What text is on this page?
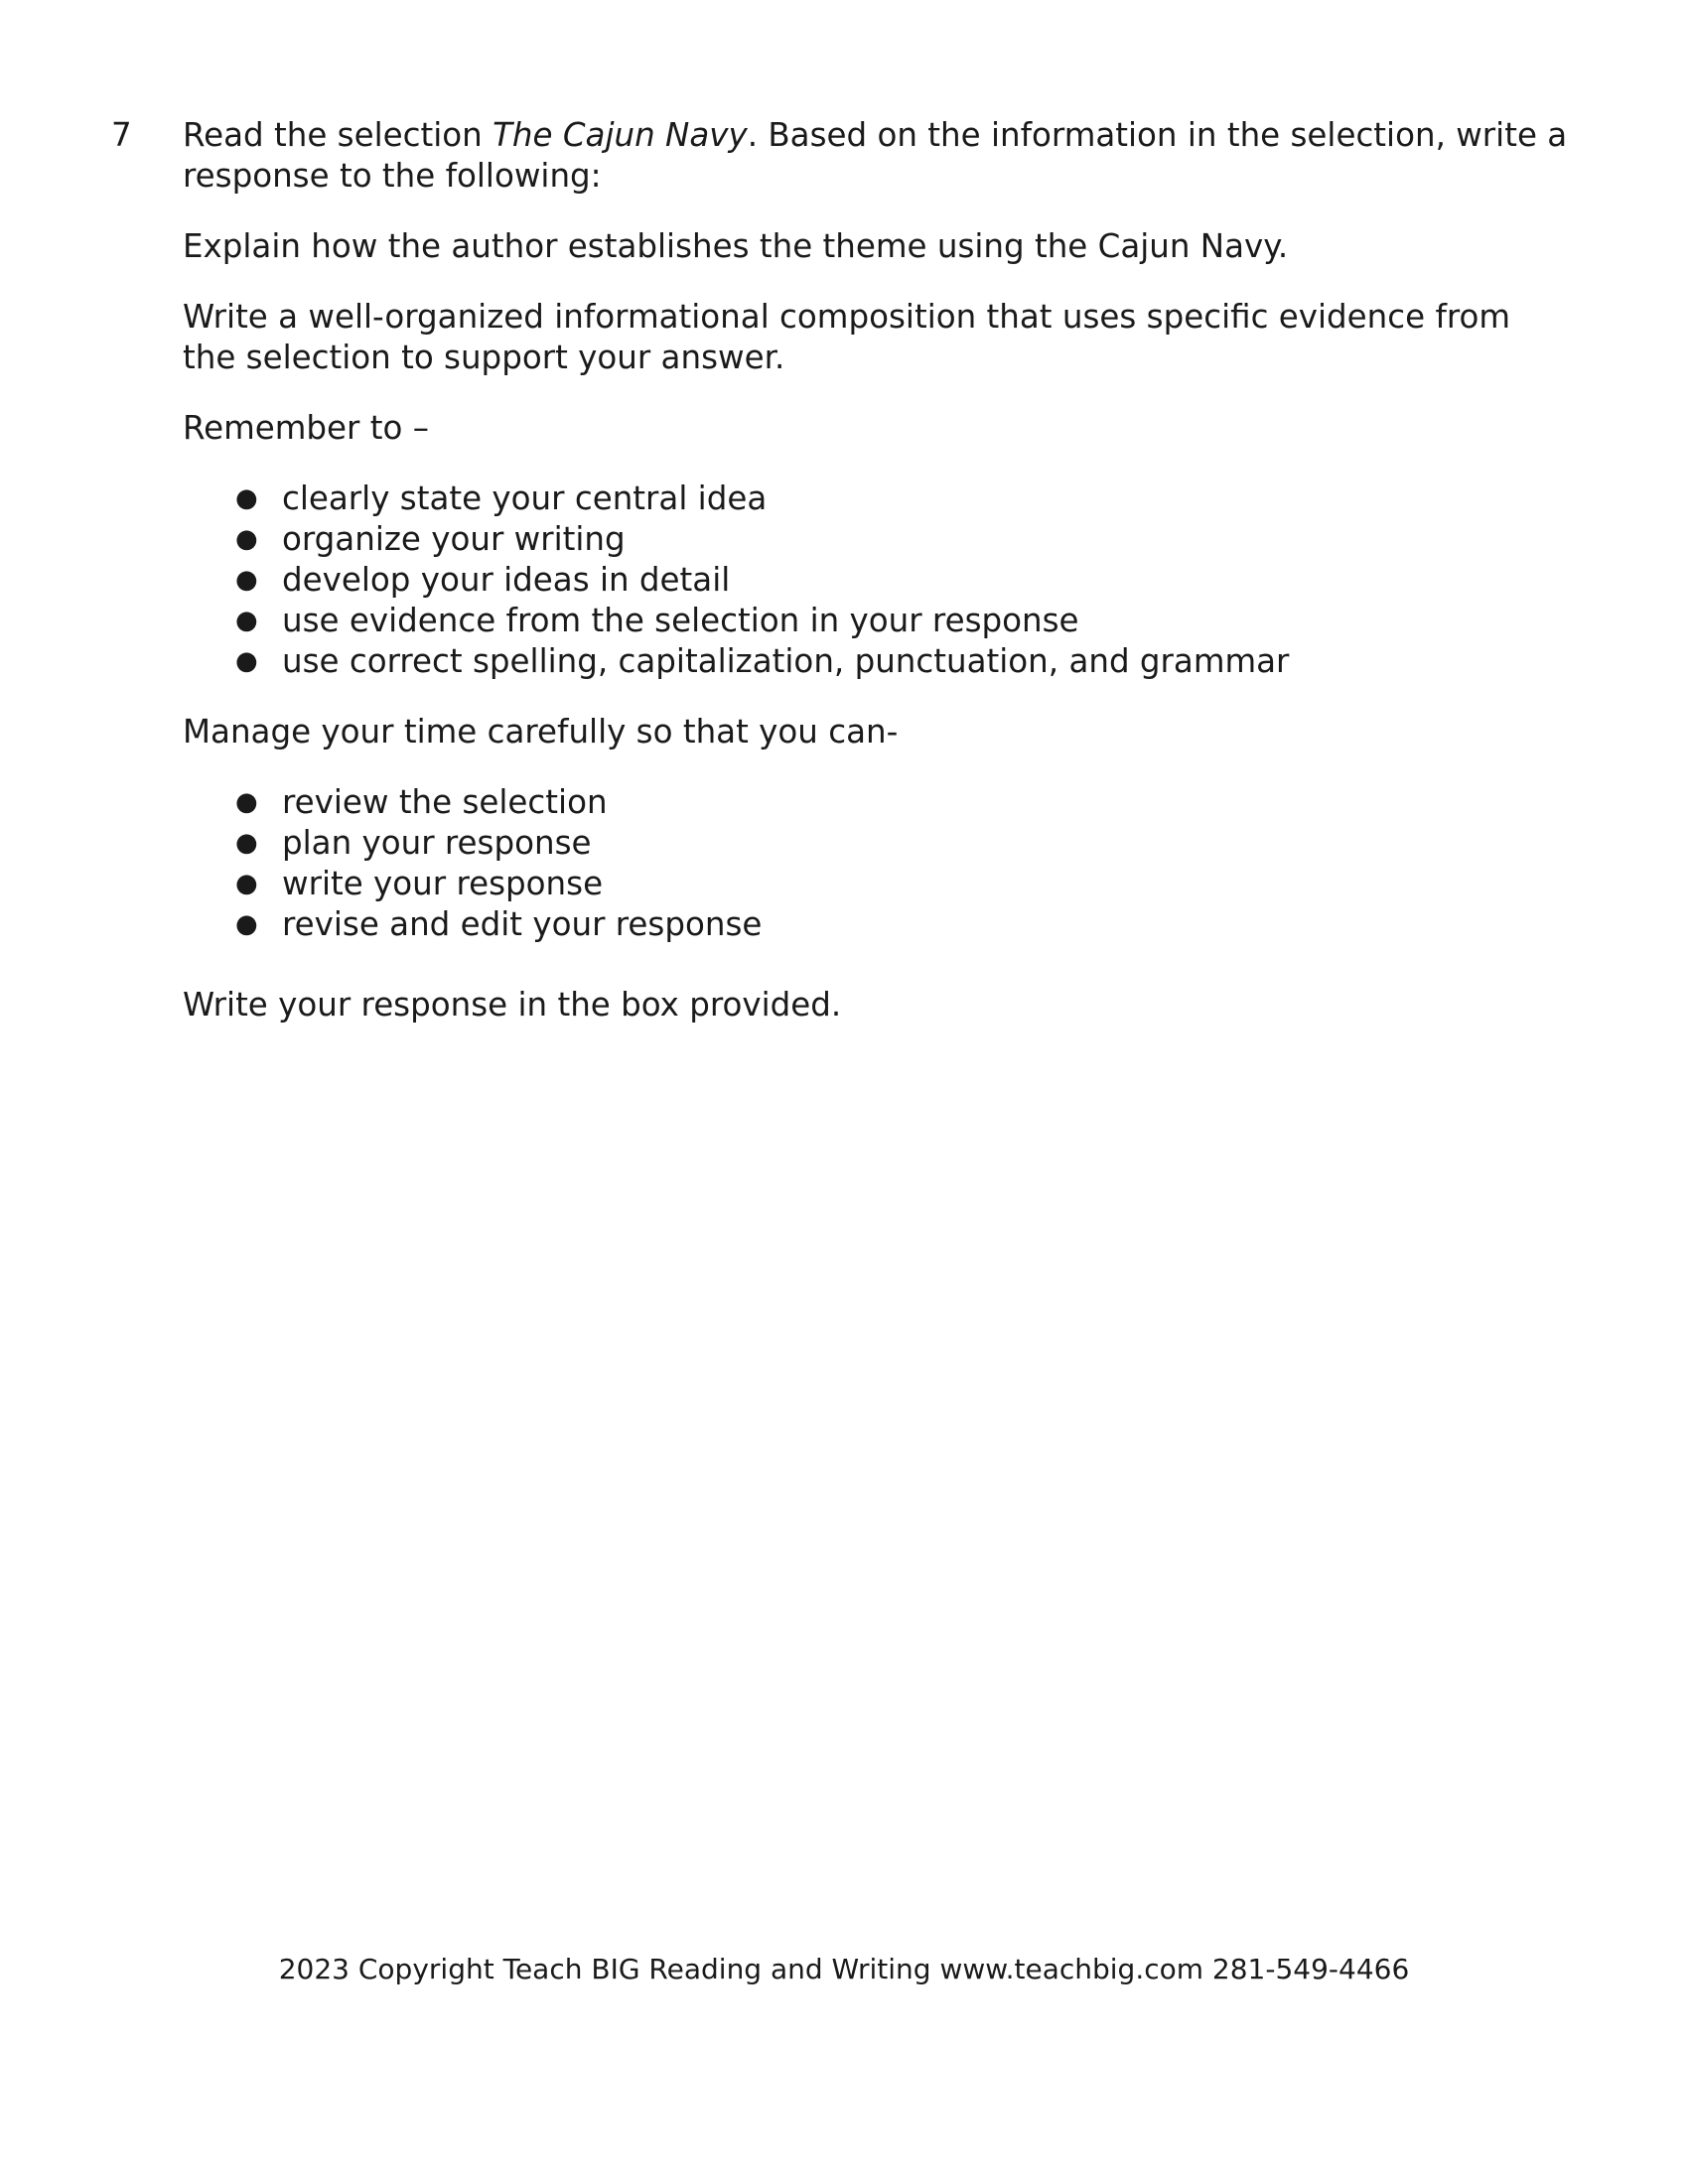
7 Read the selection The Cajun Navy. Based on the information in the selection, write a response to the following:

Explain how the author establishes the theme using the Cajun Navy.

Write a well-organized informational composition that uses specific evidence from the selection to support your answer.

Remember to –

● clearly state your central idea
● organize your writing
● develop your ideas in detail
● use evidence from the selection in your response
● use correct spelling, capitalization, punctuation, and grammar

Manage your time carefully so that you can-

● review the selection
● plan your response
● write your response
● revise and edit your response

Write your response in the box provided.

2023 Copyright Teach BIG Reading and Writing www.teachbig.com 281-549-4466
